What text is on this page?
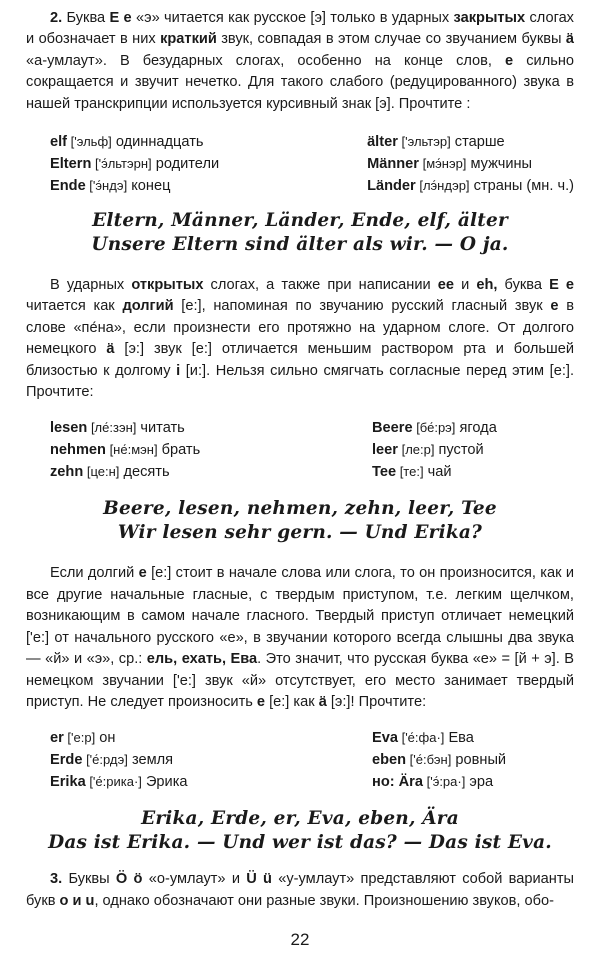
2. Буква Е е «э» читается как русское [э] только в ударных закрытых слогах и обозначает в них краткий звук, совпадая в этом случае со звучанием буквы ä «а-умлаут». В безударных слогах, особенно на конце слов, е сильно сокращается и звучит нечетко. Для такого слабого (редуцированного) звука в нашей транскрипции используется курсивный знак [э]. Прочтите :

elf ['эльф] одиннадцать	älter ['эльтэр] старше
Eltern ['э́льтэрн] родители	Männer [мэ́нэр] мужчины
Ende ['э́ндэ] конец	Länder [лэ́ндэр] страны (мн. ч.)

Eltern, Männer, Länder, Ende, elf, älter

Unsere Eltern sind älter als wir. — O ja.

В ударных открытых слогах, а также при написании ee и eh, буква Е е читается как долгий [е:], напоминая по звучанию русский гласный звук е в слове «пе́на», если произнести его протяжно на ударном слоге. От долгого немецкого ä [э:] звук [е:] отличается меньшим раствором рта и большей близостью к долгому i [и:]. Нельзя сильно смягчать согласные перед этим [е:]. Прочтите:

lesen [ле́:зэн] читать	Beere [бе́:рэ] ягода
nehmen [не́:мэн] брать	leer [ле:р] пустой
zehn [це:н] десять	Tee [те:] чай

Beere, lesen, nehmen, zehn, leer, Tee

Wir lesen sehr gern. — Und Erika?

Если долгий е [е:] стоит в начале слова или слога, то он произносится, как и все другие начальные гласные, с твердым приступом, т.е. легким щелчком, возникающим в самом начале гласного. Твердый приступ отличает немецкий ['е:] от начального русского «е», в звучании которого всегда слышны два звука — «й» и «э», ср.: ель, ехать, Ева. Это значит, что русская буква «е» = [й + э]. В немецком звучании ['е:] звук «й» отсутствует, его место занимает твердый приступ. Не следует произносить е [е:] как ä [э:]! Прочтите:

er ['е:р] он	Eva ['е́:фа·] Ева
Erde ['е́:рдэ] земля	eben ['е́:бэн] ровный
Erika ['е́:рика·] Эрика	но: Ära ['э́:ра·] эра

Erika, Erde, er, Eva, eben, Ära

Das ist Erika. — Und wer ist das? — Das ist Eva.

3. Буквы Ö ö «о-умлаут» и Ü ü «у-умлаут» представляют собой варианты букв о и u, однако обозначают они разные звуки. Произношению звуков, обо-

22
